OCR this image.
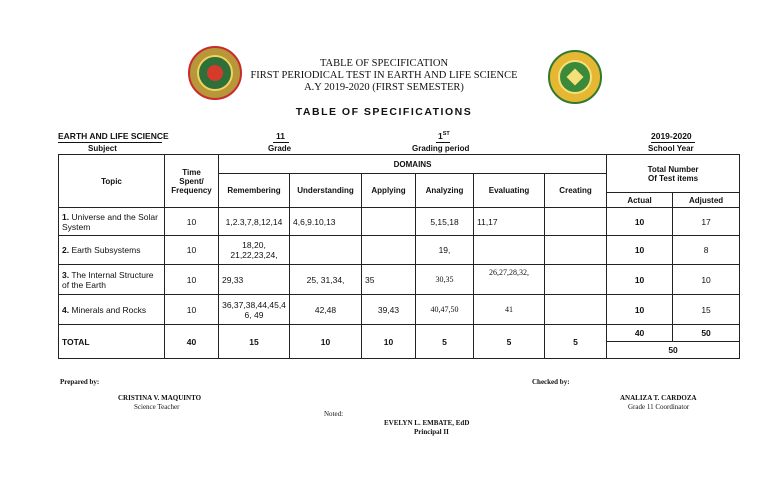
TABLE OF SPECIFICATION
FIRST PERIODICAL TEST IN EARTH AND LIFE SCIENCE
A.Y 2019-2020 (FIRST SEMESTER)
TABLE OF SPECIFICATIONS
EARTH AND LIFE SCIENCE
Subject
11
Grade
1ST
Grading period
2019-2020
School Year
Topic	Time
Spent/
Frequency	DOMAINS						Total Number
Of Test items	
		Remembering	Understanding	Applying	Analyzing	Evaluating	Creating		
								Actual	Adjusted
1. Universe and the Solar System	10	1,2.3,7,8,12,14	4,6,9.10,13		5,15,18	11,17		10	17
2. Earth Subsystems	10	18,20, 21,22,23,24,			19,			10	8
3. The Internal Structure of the Earth	10	29,33	25, 31,34,	35	30,35	26,27,28,32,		10	10
4. Minerals and Rocks	10	36,37,38,44,45,46, 49	42,48	39,43	40,47,50	41		10	15
TOTAL	40	15	10	10	5	5	5	40	50
								50	
Prepared by:
CRISTINA V. MAQUINTO
Science Teacher
Checked by:
ANALIZA T. CARDOZA
Grade 11 Coordinator
Noted:
EVELYN L. EMBATE, EdD
Principal II
